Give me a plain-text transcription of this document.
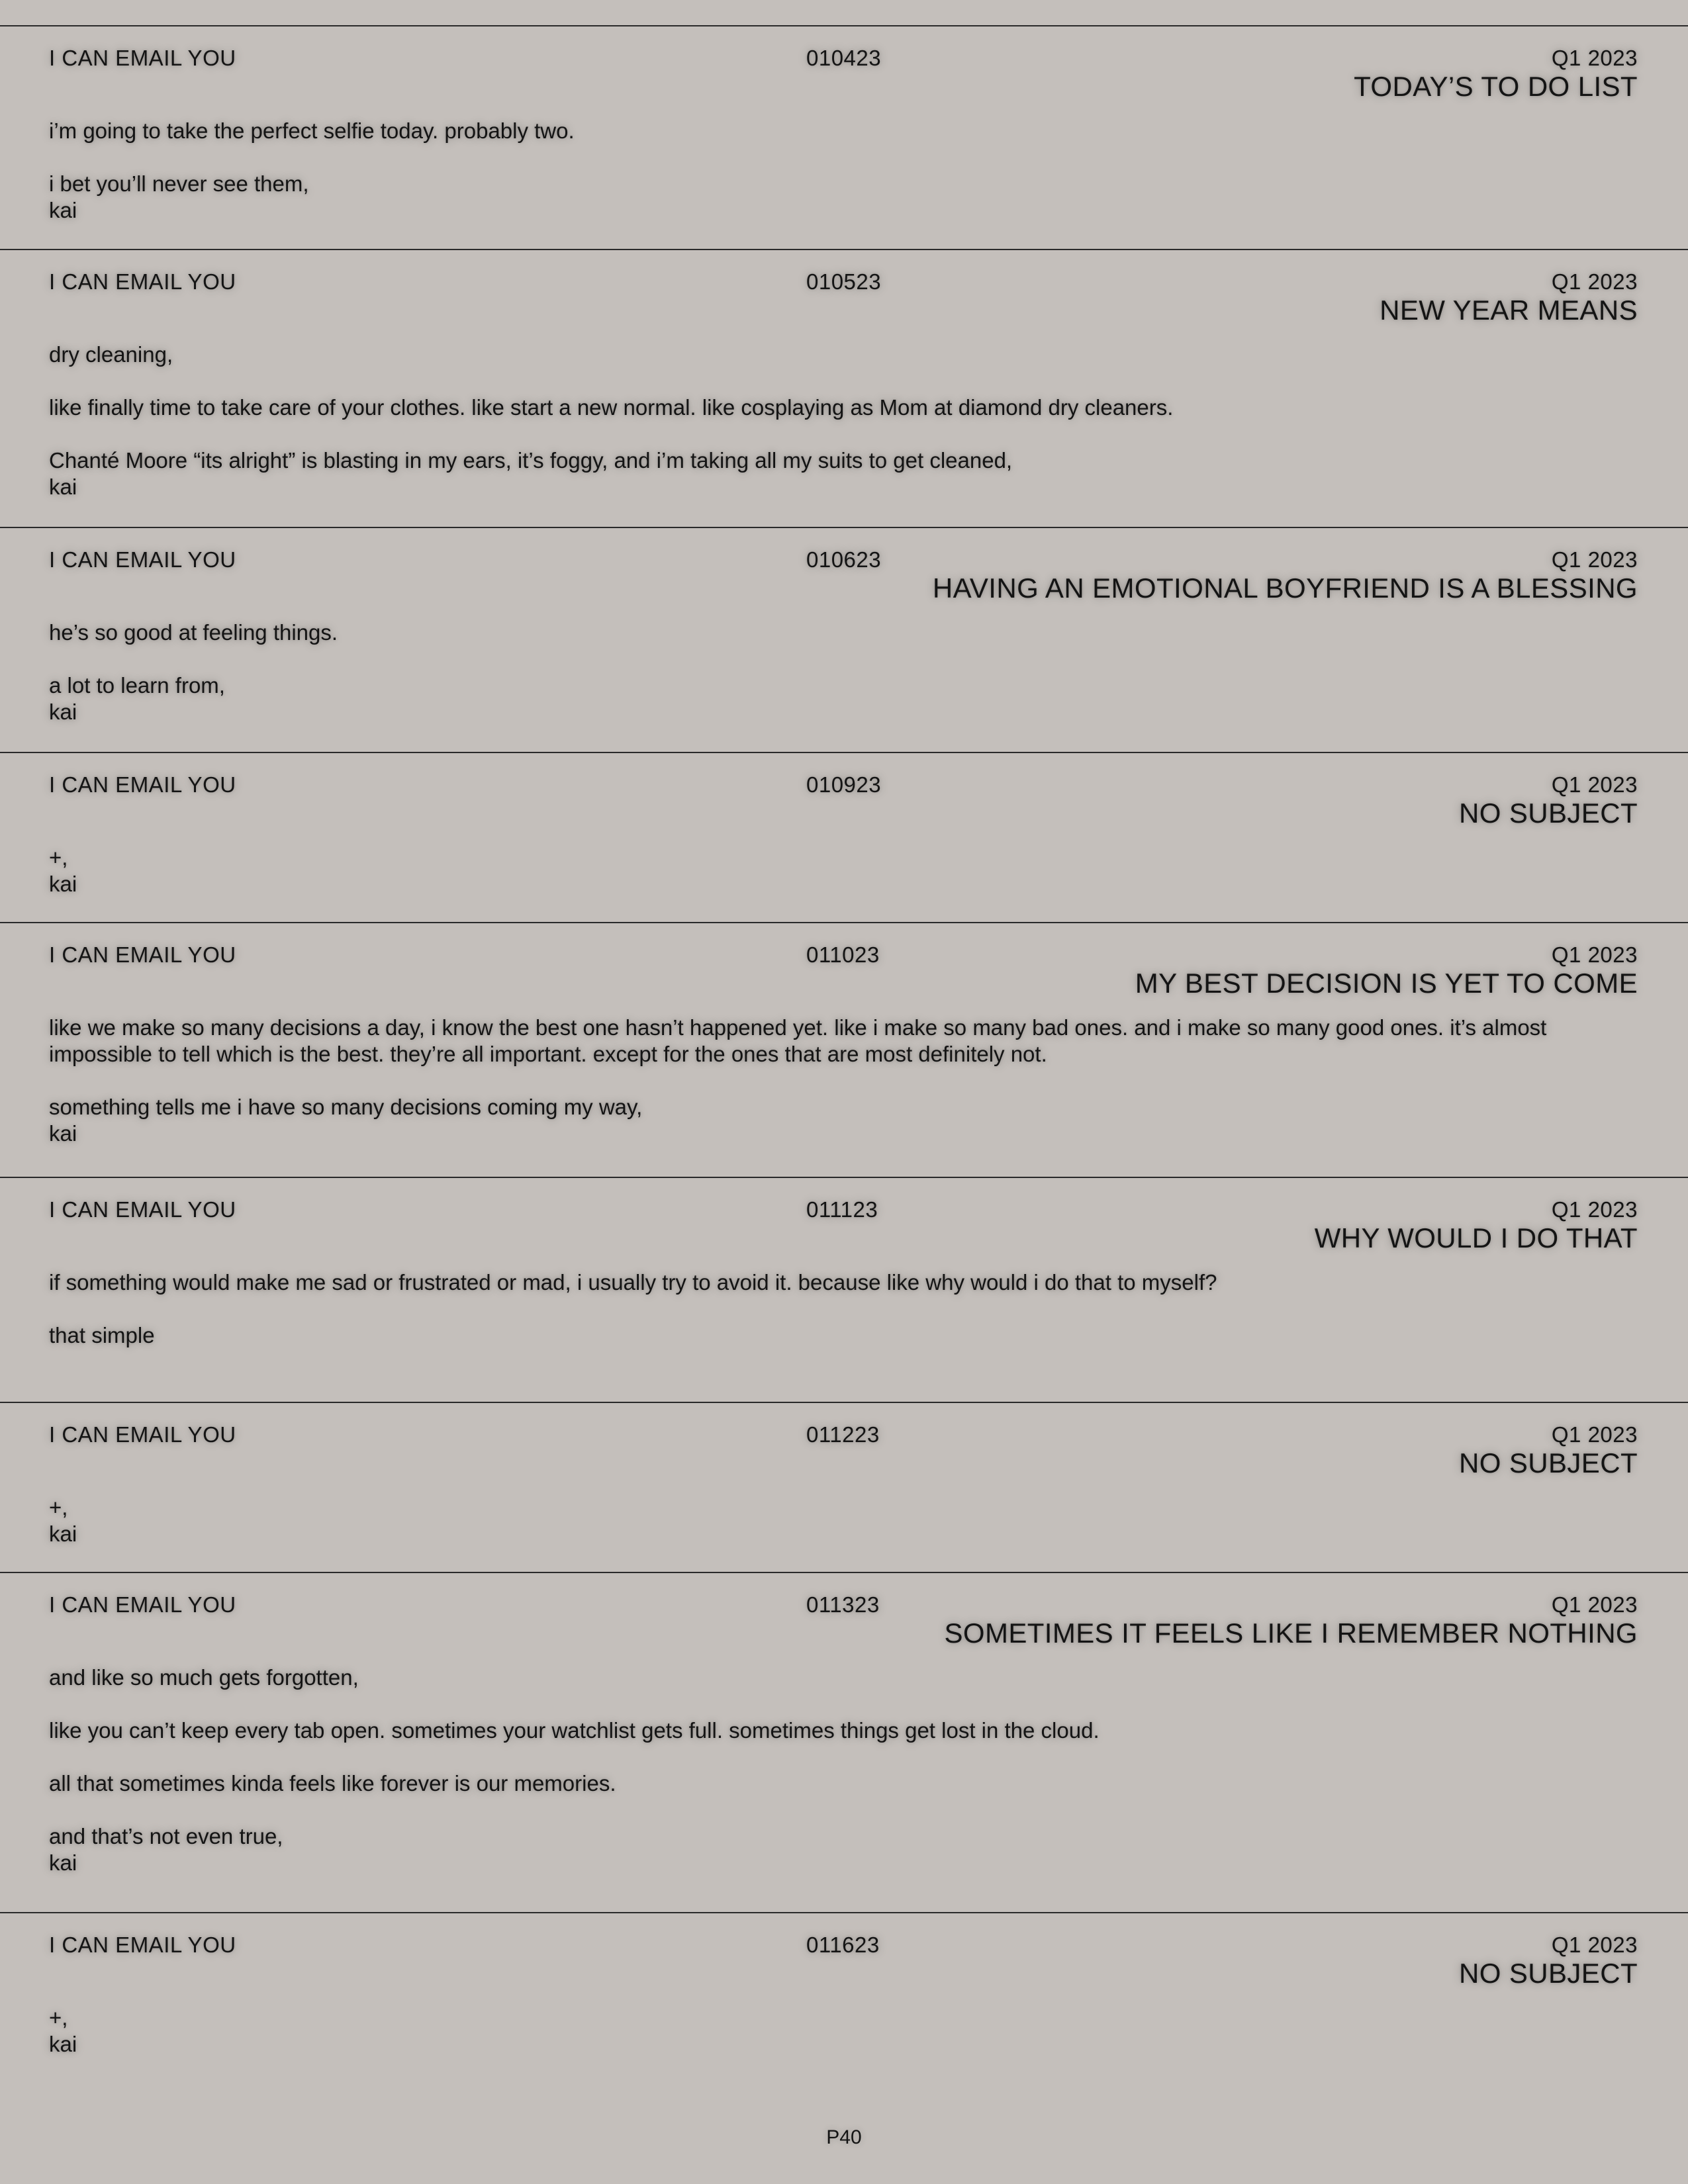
I CAN EMAIL YOU	010423	Q1 2023
TODAY’S TO DO LIST

i’m going to take the perfect selfie today. probably two.

i bet you’ll never see them,
kai
I CAN EMAIL YOU	010523	Q1 2023
NEW YEAR MEANS

dry cleaning,

like finally time to take care of your clothes. like start a new normal. like cosplaying as Mom at diamond dry cleaners.

Chanté Moore “its alright” is blasting in my ears, it’s foggy, and i’m taking all my suits to get cleaned,
kai
I CAN EMAIL YOU	010623	Q1 2023
HAVING AN EMOTIONAL BOYFRIEND IS A BLESSING

he’s so good at feeling things.

a lot to learn from,
kai
I CAN EMAIL YOU	010923	Q1 2023
NO SUBJECT
+,
kai
I CAN EMAIL YOU	011023	Q1 2023
MY BEST DECISION IS YET TO COME

like we make so many decisions a day, i know the best one hasn’t happened yet. like i make so many bad ones. and i make so many good ones. it’s almost impossible to tell which is the best. they’re all important. except for the ones that are most definitely not.

something tells me i have so many decisions coming my way,
kai
I CAN EMAIL YOU	011123	Q1 2023
WHY WOULD I DO THAT

if something would make me sad or frustrated or mad, i usually try to avoid it. because like why would i do that to myself?

that simple
I CAN EMAIL YOU	011223	Q1 2023
NO SUBJECT
+,
kai
I CAN EMAIL YOU	011323	Q1 2023
SOMETIMES IT FEELS LIKE I REMEMBER NOTHING

and like so much gets forgotten,

like you can’t keep every tab open. sometimes your watchlist gets full. sometimes things get lost in the cloud.

all that sometimes kinda feels like forever is our memories.

and that’s not even true,
kai
I CAN EMAIL YOU	011623	Q1 2023
NO SUBJECT
+,
kai
P40
